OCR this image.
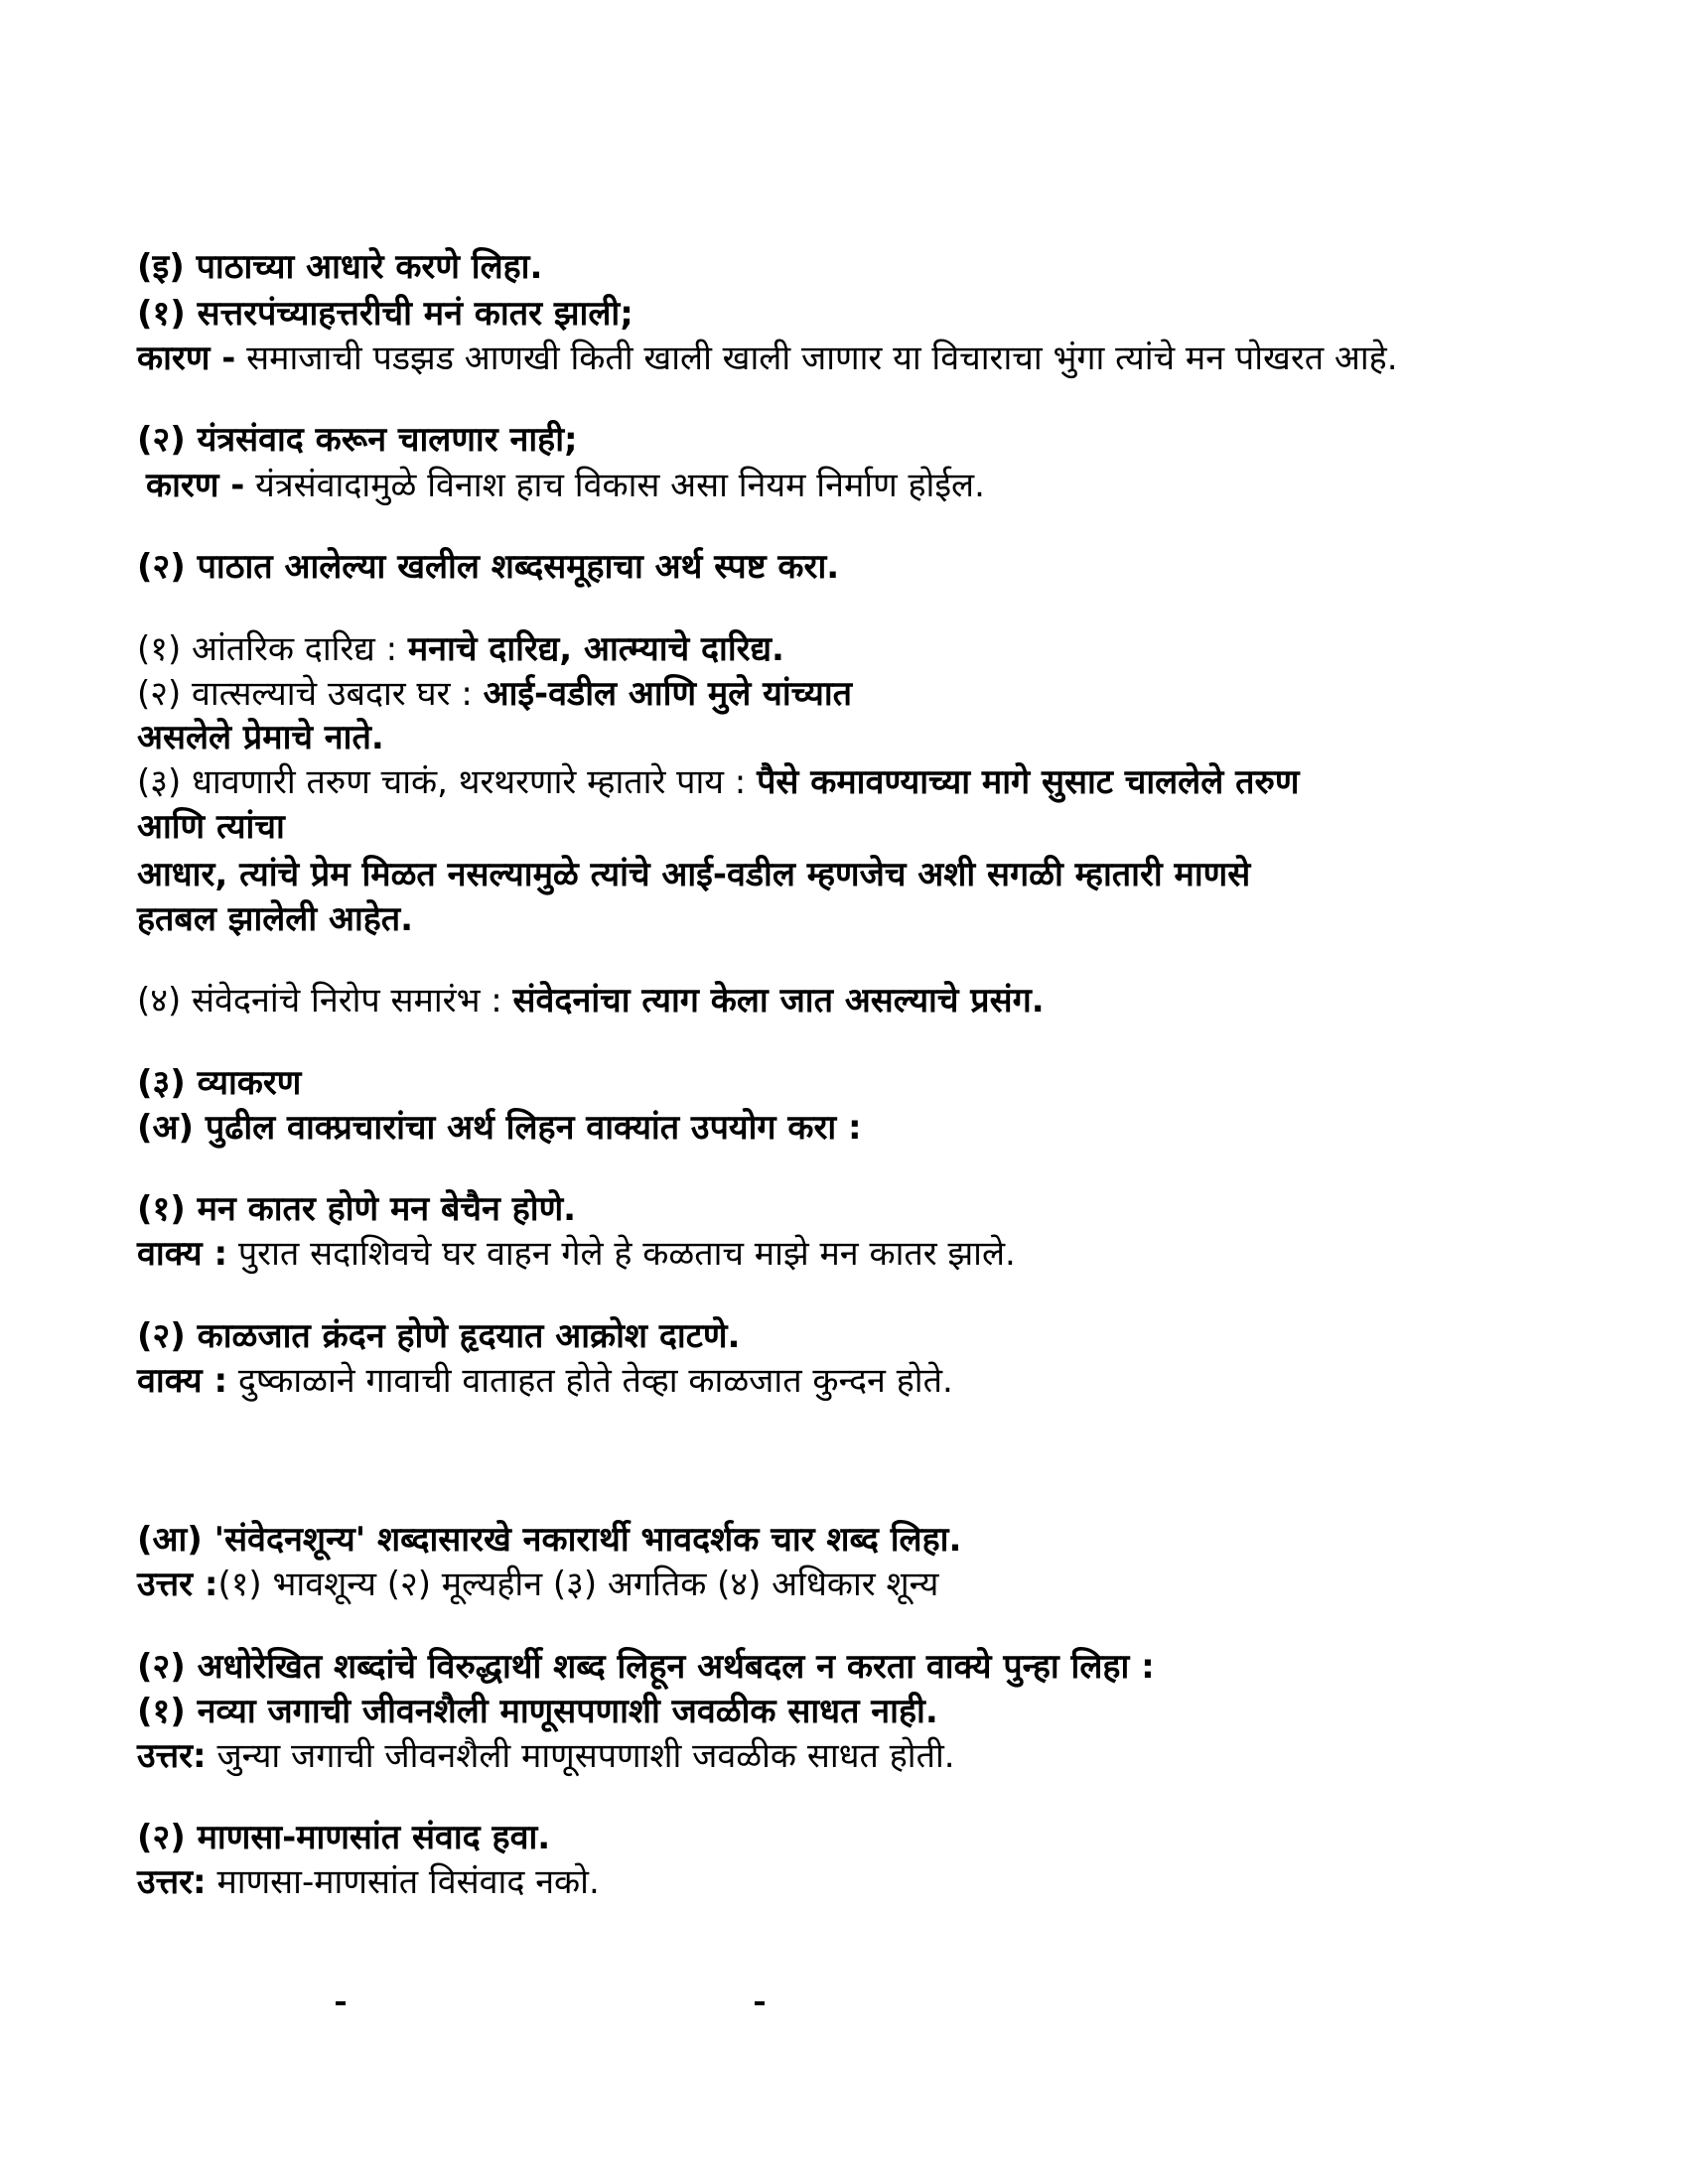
(इ) पाठाच्या आधारे करणे लिहा.
(१) सत्तरपंच्याहत्तरीची मनं कातर झाली;
कारण - समाजाची पडझड आणखी किती खाली खाली जाणार या विचाराचा भुंगा त्यांचे मन पोखरत आहे.
(२) यंत्रसंवाद करून चालणार नाही;
कारण - यंत्रसंवादामुळे विनाश हाच विकास असा नियम निर्माण होईल.
(२) पाठात आलेल्या खलील शब्दसमूहाचा अर्थ स्पष्ट करा.
(१) आंतरिक दारिद्य : मनाचे दारिद्य, आत्म्याचे दारिद्य.
(२) वात्सल्याचे उबदार घर : आई-वडील आणि मुले यांच्यात
असलेले प्रेमाचे नाते.
(३) धावणारी तरुण चाकं, थरथरणारे म्हातारे पाय : पैसे कमावण्याच्या मागे सुसाट चाललेले तरुण
आणि त्यांचा
आधार, त्यांचे प्रेम मिळत नसल्यामुळे त्यांचे आई-वडील म्हणजेच अशी सगळी म्हातारी माणसे
हतबल झालेली आहेत.
(४) संवेदनांचे निरोप समारंभ : संवेदनांचा त्याग केला जात असल्याचे प्रसंग.
(३) व्याकरण
(अ) पुढील वाक्प्रचारांचा अर्थ लिहन वाक्यांत उपयोग करा :
(१) मन कातर होणे मन बेचैन होणे.
वाक्य : पुरात सदाशिवचे घर वाहन गेले हे कळताच माझे मन कातर झाले.
(२) काळजात क्रंदन होणे हृदयात आक्रोश दाटणे.
वाक्य : दुष्काळाने गावाची वाताहत होते तेव्हा काळजात कुन्दन होते.
(आ) 'संवेदनशून्य' शब्दासारखे नकारार्थी भावदर्शक चार शब्द लिहा.
उत्तर :(१) भावशून्य (२) मूल्यहीन (३) अगतिक (४) अधिकार शून्य
(२) अधोरेखित शब्दांचे विरुद्धार्थी शब्द लिहून अर्थबदल न करता वाक्ये पुन्हा लिहा :
(१) नव्या जगाची जीवनशैली माणूसपणाशी जवळीक साधत नाही.
उत्तर: जुन्या जगाची जीवनशैली माणूसपणाशी जवळीक साधत होती.
(२) माणसा-माणसांत संवाद हवा.
उत्तर: माणसा-माणसांत विसंवाद नको.
